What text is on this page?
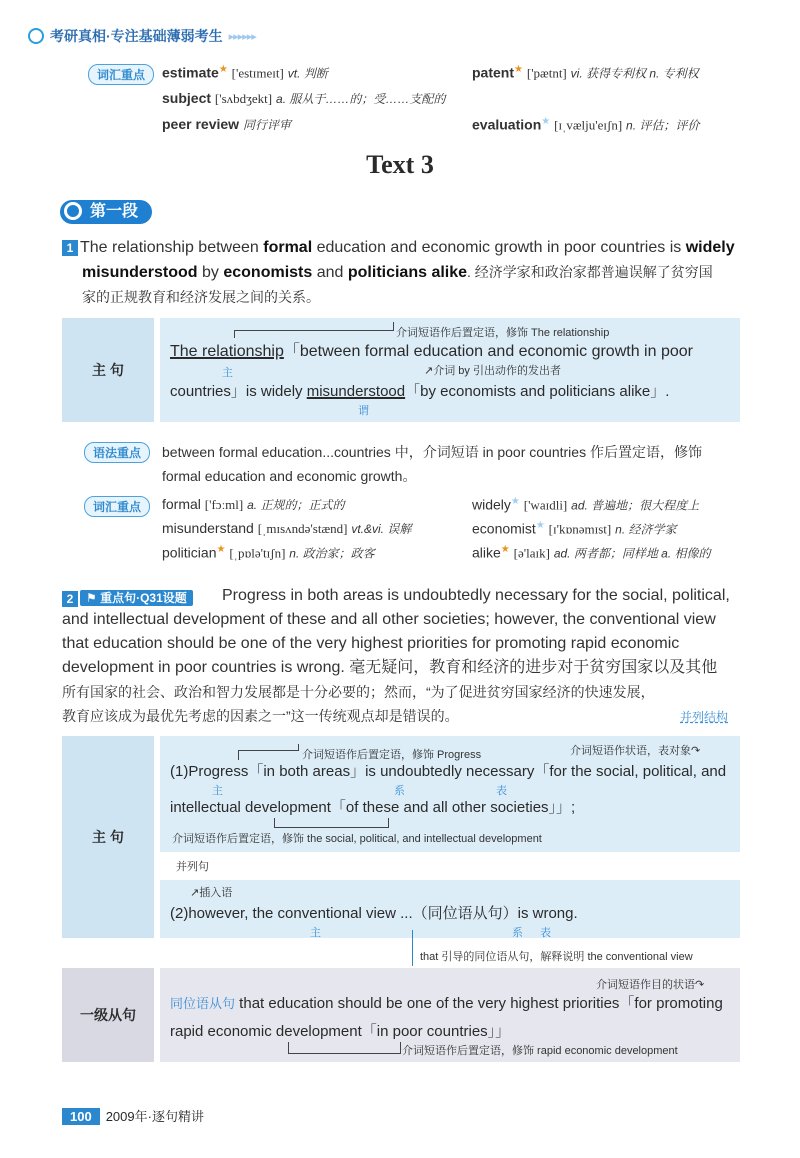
考研真相·专注基础薄弱考生 ▸▸▸▸▸▸
词汇重点	estimate★ ['estɪmeɪt] vt. 判断	patent★ ['pætnt] vi. 获得专利权 n. 专利权
subject ['sʌbdʒekt] a. 服从于……的；受……支配的
peer review 同行评审	evaluation★ [ɪˌvælju'eɪʃn] n. 评估；评价
Text 3
第一段
1 The relationship between formal education and economic growth in poor countries is widely
misunderstood by economists and politicians alike. 经济学家和政治家都普遍误解了贫穷国
家的正规教育和经济发展之间的关系。
主 句
介词短语作后置定语，修饰 The relationship
The relationship「between formal education and economic growth in poor
主	↗介词 by 引出动作的发出者
countries」is widely misunderstood「by economists and politicians alike」.
谓
语法重点	between formal education...countries 中，介词短语 in poor countries 作后置定语，修饰
formal education and economic growth。
词汇重点	formal ['fɔːml] a. 正规的；正式的	widely★ ['waɪdli] ad. 普遍地；很大程度上
misunderstand [ˌmɪsʌndə'stænd] vt.&vi. 误解	economist★ [ɪ'kɒnəmɪst] n. 经济学家
politician★ [ˌpɒlə'tɪʃn] n. 政治家；政客	alike★ [ə'laɪk] ad. 两者都；同样地 a. 相像的
2	⚑ 重点句·Q31设题	Progress in both areas is undoubtedly necessary for the social, political,
and intellectual development of these and all other societies; however, the conventional view
that education should be one of the very highest priorities for promoting rapid economic
development in poor countries is wrong. 毫无疑问，教育和经济的进步对于贫穷国家以及其他
所有国家的社会、政治和智力发展都是十分必要的；然而，“为了促进贫穷国家经济的快速发展，
教育应该成为最优先考虑的因素之一”这一传统观点却是错误的。	并列结构
主 句
介词短语作后置定语，修饰 Progress	介词短语作状语，表对象↷
(1)Progress「in both areas」is undoubtedly necessary「for the social, political, and
主	系	表
intellectual development「of these and all other societies」」;
介词短语作后置定语，修饰 the social, political, and intellectual development
并列句
↗插入语
(2)however, the conventional view ...（同位语从句）is wrong.
主	系 表
that 引导的同位语从句，解释说明 the conventional view
一级从句
介词短语作目的状语↷
同位语从句 that education should be one of the very highest priorities「for promoting
rapid economic development「in poor countries」」
介词短语作后置定语，修饰 rapid economic development
100 2009年·逐句精讲
